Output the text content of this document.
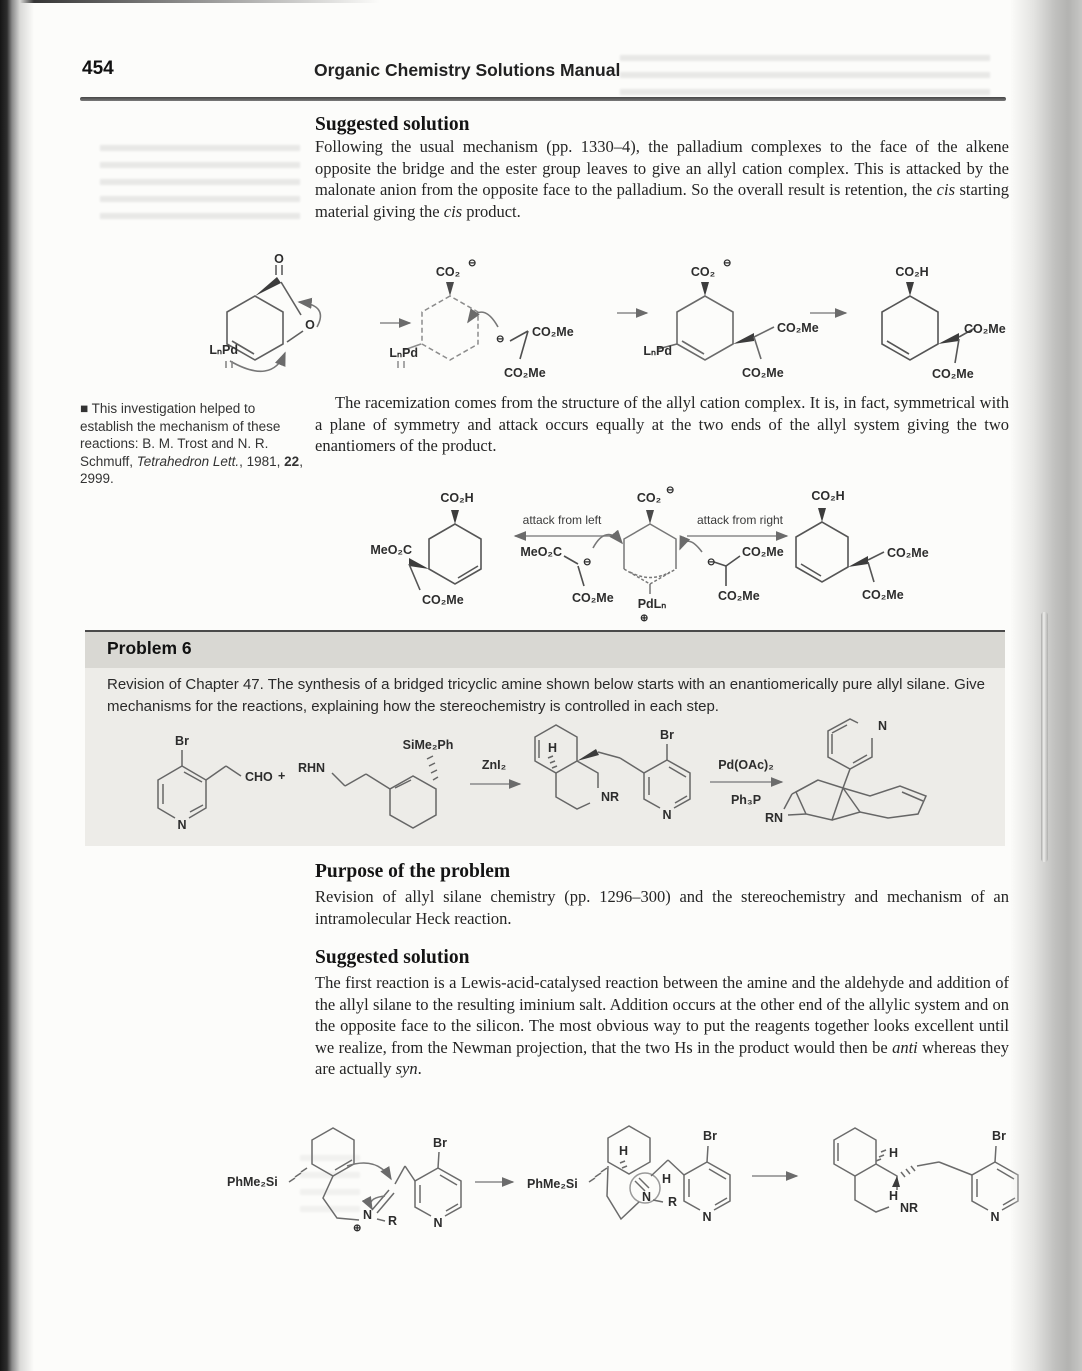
454	Organic Chemistry Solutions Manual
Suggested solution

Following the usual mechanism (pp. 1330–4), the palladium complexes to the face of the alkene opposite the bridge and the ester group leaves to give an allyl cation complex. This is attacked by the malonate anion from the opposite face to the palladium. So the overall result is retention, the cis starting material giving the cis product.

O
O
LₙPd
CO₂
⊖
LₙPd
⊖
CO₂Me
CO₂Me
CO₂
⊖
LₙPd
CO₂Me
CO₂Me
CO₂H
CO₂Me
CO₂Me
■ This investigation helped to establish the mechanism of these reactions: B. M. Trost and N. R. Schmuff, Tetrahedron Lett., 1981, 22, 2999.

The racemization comes from the structure of the allyl cation complex. It is, in fact, symmetrical with a plane of symmetry and attack occurs equally at the two ends of the allyl system giving the two enantiomers of the product.

CO₂H
MeO₂C
CO₂Me
attack from left
MeO₂C
⊖
CO₂Me
CO₂
⊖
PdLₙ
⊕
attack from right
⊖
CO₂Me
CO₂Me
CO₂H
CO₂Me
CO₂Me
Problem 6
Revision of Chapter 47. The synthesis of a bridged tricyclic amine shown below starts with an enantiomerically pure allyl silane. Give mechanisms for the reactions, explaining how the stereochemistry is controlled in each step.
Br
N
CHO +
RHN
SiMe₂Ph
ZnI₂
H
NR
Br
N
Pd(OAc)₂
Ph₃P
N
RN
Purpose of the problem

Revision of allyl silane chemistry (pp. 1296–300) and the stereochemistry and mechanism of an intramolecular Heck reaction.

Suggested solution

The first reaction is a Lewis-acid-catalysed reaction between the amine and the aldehyde and addition of the allyl silane to the resulting iminium salt. Addition occurs at the other end of the allylic system and on the opposite face to the silicon. The most obvious way to put the reagents together looks excellent until we realize, from the Newman projection, that the two Hs in the product would then be anti whereas they are actually syn.

PhMe₂Si
N
⊕
R
Br
N
PhMe₂Si
H
H
N R
Br
N
H
H
NR
Br
N
